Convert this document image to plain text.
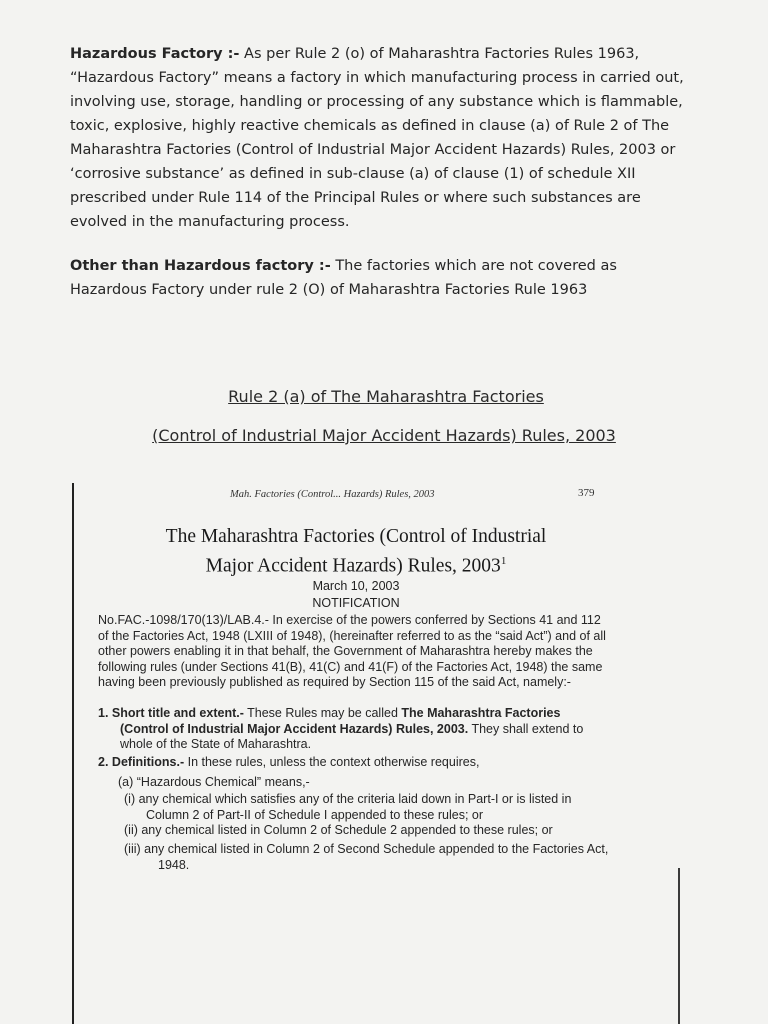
Hazardous Factory :- As per Rule 2 (o) of Maharashtra Factories Rules 1963, “Hazardous Factory” means a factory in which manufacturing process in carried out, involving use, storage, handling or processing of any substance which is flammable, toxic, explosive, highly reactive chemicals as defined in clause (a) of Rule 2 of The Maharashtra Factories (Control of Industrial Major Accident Hazards) Rules, 2003 or ‘corrosive substance’ as defined in sub-clause (a) of clause (1) of schedule XII prescribed under Rule 114 of the Principal Rules or where such substances are evolved in the manufacturing process.
Other than Hazardous factory :- The factories which are not covered as Hazardous Factory under rule 2 (O) of Maharashtra Factories Rule 1963
Rule 2 (a) of The Maharashtra Factories
(Control of Industrial Major Accident Hazards) Rules, 2003
Mah. Factories (Control... Hazards) Rules, 2003	379
The Maharashtra Factories (Control of Industrial
Major Accident Hazards) Rules, 2003$^1$
March 10, 2003
NOTIFICATION
No.FAC.-1098/170(13)/LAB.4.- In exercise of the powers conferred by Sections 41 and 112 of the Factories Act, 1948 (LXIII of 1948), (hereinafter referred to as the “said Act”) and of all other powers enabling it in that behalf, the Government of Maharashtra hereby makes the following rules (under Sections 41(B), 41(C) and 41(F) of the Factories Act, 1948) the same having been previously published as required by Section 115 of the said Act, namely:-
1. Short title and extent.- These Rules may be called The Maharashtra Factories (Control of Industrial Major Accident Hazards) Rules, 2003. They shall extend to whole of the State of Maharashtra.
2. Definitions.- In these rules, unless the context otherwise requires,
(a) “Hazardous Chemical” means,-
(i) any chemical which satisfies any of the criteria laid down in Part-I or is listed in Column 2 of Part-II of Schedule I appended to these rules; or
(ii) any chemical listed in Column 2 of Schedule 2 appended to these rules; or
(iii) any chemical listed in Column 2 of Second Schedule appended to the Factories Act, 1948.
